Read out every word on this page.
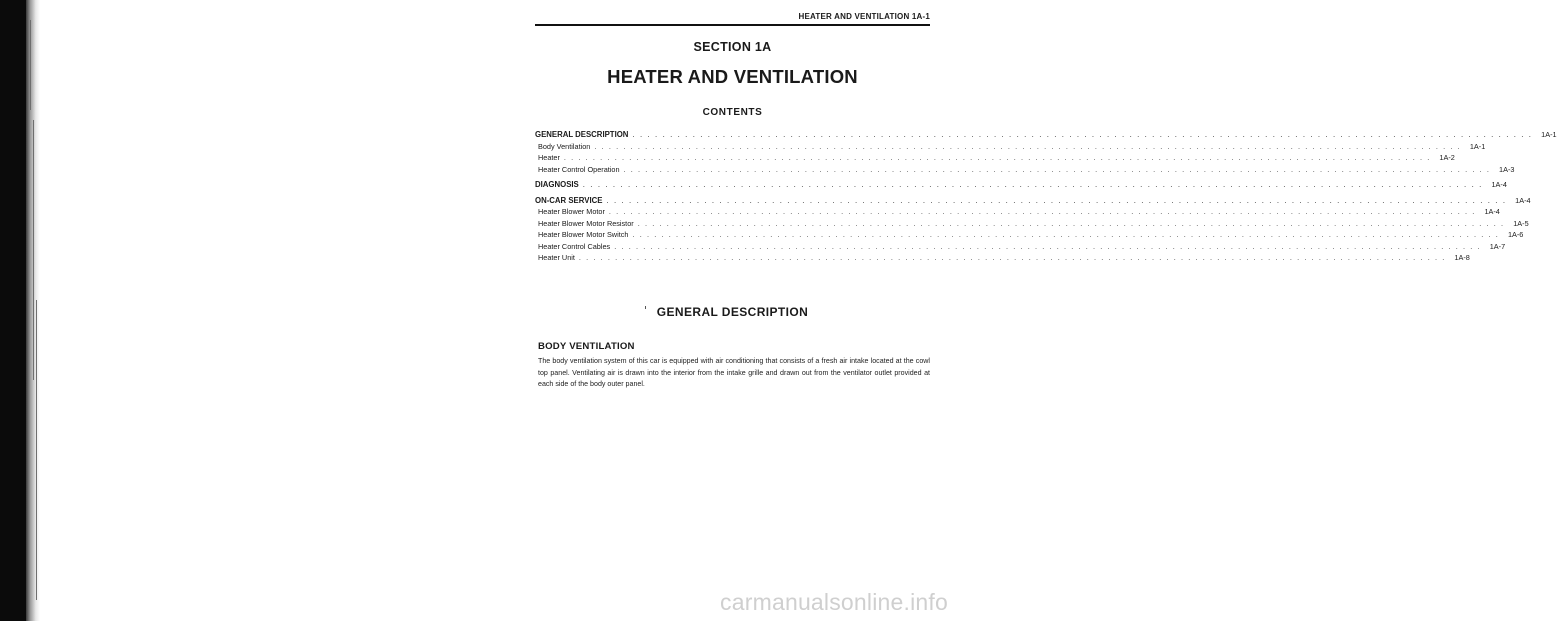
HEATER AND VENTILATION 1A-1
SECTION 1A
HEATER AND VENTILATION
CONTENTS
GENERAL DESCRIPTION . . . . . . . . . . . . . . . . . . . . . . . . . . . . . . . . . . . . . . . . . . . . . . . . . . . . . . . . . . . . . . . . . . . . . . . . . . . . . . . . . . . . . . . . . . . . . . . . . . . . . . . . . . . . . . . . . . . . . . . .	1A-1
Body Ventilation . . . . . . . . . . . . . . . . . . . . . . . . . . . . . . . . . . . . . . . . . . . . . . . . . . . . . . . . . . . . . . . . . . . . . . . . . . . . . . . . . . . . . . . . . . . . . . . . . . . . . . . . . . . . . . . . . . . . . . . .	1A-1
Heater . . . . . . . . . . . . . . . . . . . . . . . . . . . . . . . . . . . . . . . . . . . . . . . . . . . . . . . . . . . . . . . . . . . . . . . . . . . . . . . . . . . . . . . . . . . . . . . . . . . . . . . . . . . . . . . . . . . . . . . .	1A-2
Heater Control Operation . . . . . . . . . . . . . . . . . . . . . . . . . . . . . . . . . . . . . . . . . . . . . . . . . . . . . . . . . . . . . . . . . . . . . . . . . . . . . . . . . . . . . . . . . . . . . . . . . . . . . . . . . . . . . . . . . . . . . . . .	1A-3
DIAGNOSIS . . . . . . . . . . . . . . . . . . . . . . . . . . . . . . . . . . . . . . . . . . . . . . . . . . . . . . . . . . . . . . . . . . . . . . . . . . . . . . . . . . . . . . . . . . . . . . . . . . . . . . . . . . . . . . . . . . . . . . . .	1A-4
ON-CAR SERVICE . . . . . . . . . . . . . . . . . . . . . . . . . . . . . . . . . . . . . . . . . . . . . . . . . . . . . . . . . . . . . . . . . . . . . . . . . . . . . . . . . . . . . . . . . . . . . . . . . . . . . . . . . . . . . . . . . . . . . . . .	1A-4
Heater Blower Motor . . . . . . . . . . . . . . . . . . . . . . . . . . . . . . . . . . . . . . . . . . . . . . . . . . . . . . . . . . . . . . . . . . . . . . . . . . . . . . . . . . . . . . . . . . . . . . . . . . . . . . . . . . . . . . . . . . . . . . . .	1A-4
Heater Blower Motor Resistor . . . . . . . . . . . . . . . . . . . . . . . . . . . . . . . . . . . . . . . . . . . . . . . . . . . . . . . . . . . . . . . . . . . . . . . . . . . . . . . . . . . . . . . . . . . . . . . . . . . . . . . . . . . . . . . . . . . . . . . .	1A-5
Heater Blower Motor Switch . . . . . . . . . . . . . . . . . . . . . . . . . . . . . . . . . . . . . . . . . . . . . . . . . . . . . . . . . . . . . . . . . . . . . . . . . . . . . . . . . . . . . . . . . . . . . . . . . . . . . . . . . . . . . . . . . . . . . . . .	1A-6
Heater Control Cables . . . . . . . . . . . . . . . . . . . . . . . . . . . . . . . . . . . . . . . . . . . . . . . . . . . . . . . . . . . . . . . . . . . . . . . . . . . . . . . . . . . . . . . . . . . . . . . . . . . . . . . . . . . . . . . . . . . . . . . .	1A-7
Heater Unit . . . . . . . . . . . . . . . . . . . . . . . . . . . . . . . . . . . . . . . . . . . . . . . . . . . . . . . . . . . . . . . . . . . . . . . . . . . . . . . . . . . . . . . . . . . . . . . . . . . . . . . . . . . . . . . . . . . . . . . .	1A-8
GENERAL DESCRIPTION
BODY VENTILATION
The body ventilation system of this car is equipped with air conditioning that consists of a fresh air intake located at the cowl top panel. Ventilating air is drawn into the interior from the intake grille and drawn out from the ventilator outlet provided at each side of the body outer panel.
carmanualsonline.info
